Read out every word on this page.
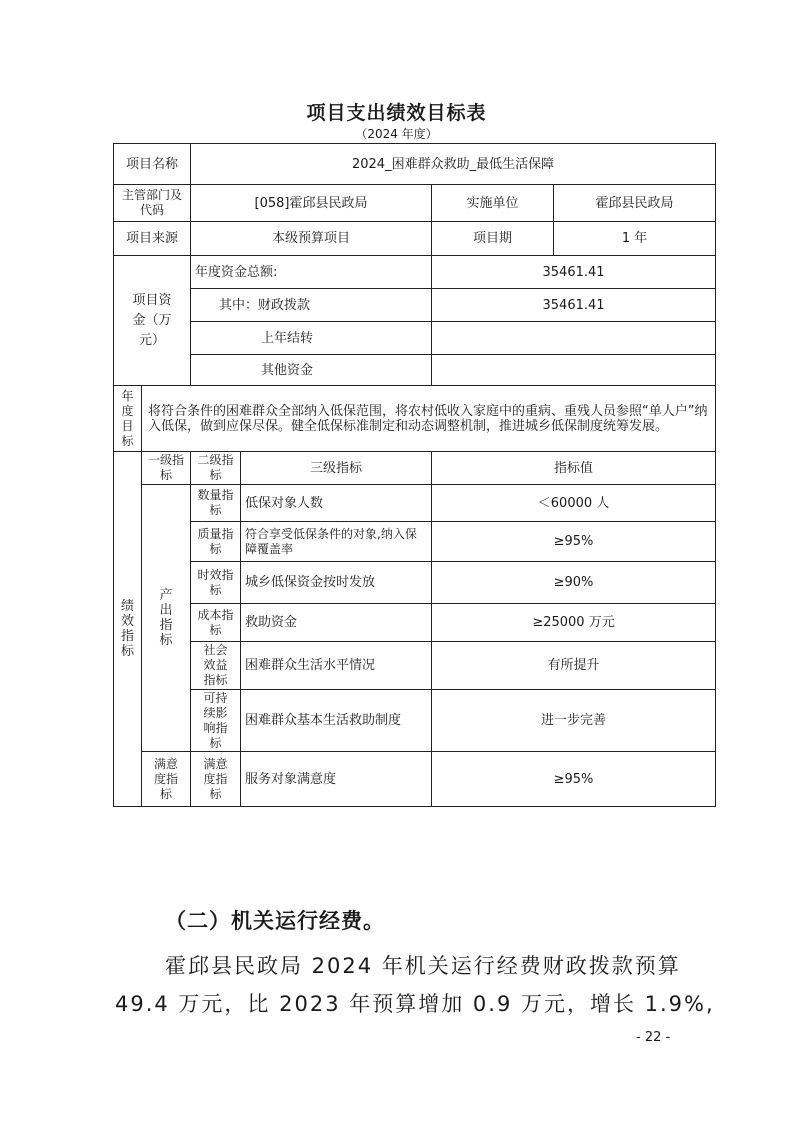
项目支出绩效目标表
（2024 年度）
项目名称		2024_困难群众救助_最低生活保障			
主管部门及代码		[058]霍邱县民政局		实施单位	霍邱县民政局
项目来源		本级预算项目		项目期	1 年
项目资金（万元）		年度资金总额:		35461.41	
		其中：财政拨款		35461.41	
		上年结转			
		其他资金			
年度目标	将符合条件的困难群众全部纳入低保范围，将农村低收入家庭中的重病、重残人员参照“单人户”纳入低保，做到应保尽保。健全低保标准制定和动态调整机制，推进城乡低保制度统筹发展。				
绩效指标	一级指标	二级指标	三级指标	指标值	
	产出指标	数量指标	低保对象人数	＜60000 人	
		质量指标	符合享受低保条件的对象,纳入保障覆盖率	≥95%	
		时效指标	城乡低保资金按时发放	≥90%	
		成本指标	救助资金	≥25000 万元	
		社会效益指标	困难群众生活水平情况	有所提升	
		可持续影响指标	困难群众基本生活救助制度	进一步完善	
	满意度指标	满意度指标	服务对象满意度	≥95%	
（二）机关运行经费。
霍邱县民政局 2024 年机关运行经费财政拨款预算
49.4 万元，比 2023 年预算增加 0.9 万元，增长 1.9%,
- 22 -
